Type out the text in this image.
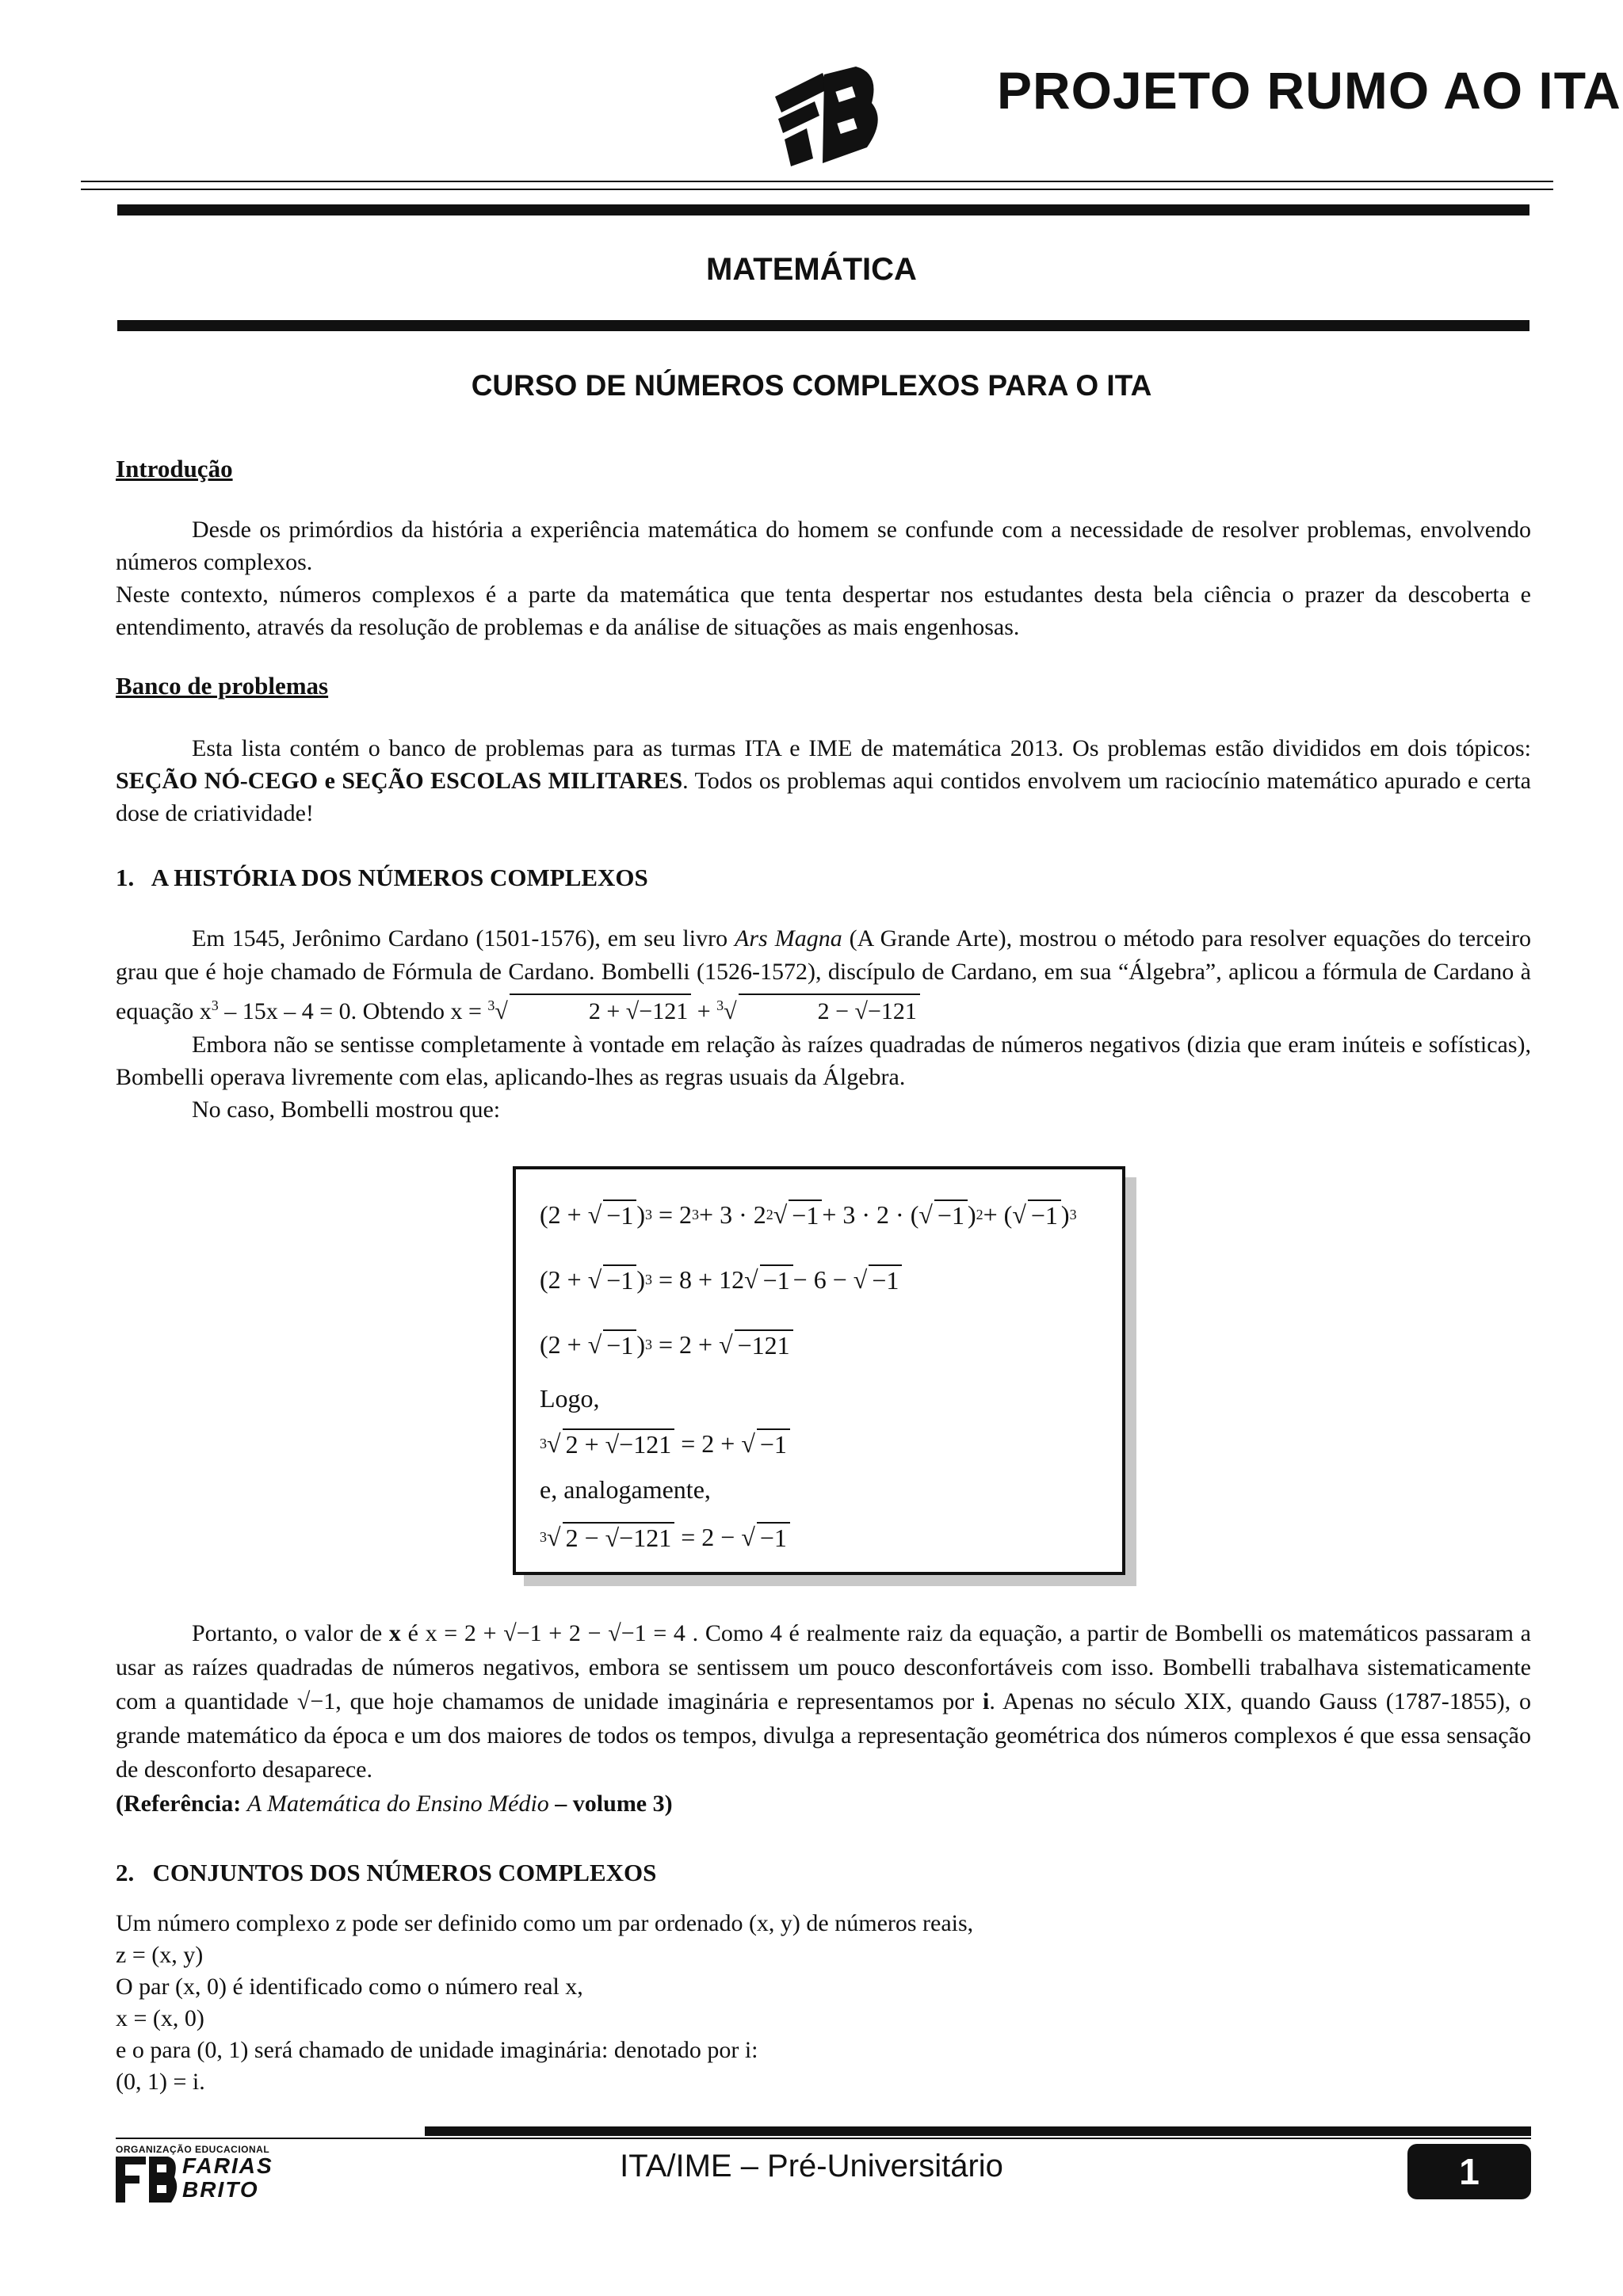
PROJETO RUMO AO ITA
MATEMÁTICA
CURSO DE NÚMEROS COMPLEXOS PARA O ITA
Introdução
Desde os primórdios da história a experiência matemática do homem se confunde com a necessidade de resolver problemas, envolvendo números complexos.
Neste contexto, números complexos é a parte da matemática que tenta despertar nos estudantes desta bela ciência o prazer da descoberta e entendimento, através da resolução de problemas e da análise de situações as mais engenhosas.
Banco de problemas
Esta lista contém o banco de problemas para as turmas ITA e IME de matemática 2013. Os problemas estão divididos em dois tópicos: SEÇÃO NÓ-CEGO e SEÇÃO ESCOLAS MILITARES. Todos os problemas aqui contidos envolvem um raciocínio matemático apurado e certa dose de criatividade!
1.   A HISTÓRIA DOS NÚMEROS COMPLEXOS
Em 1545, Jerônimo Cardano (1501-1576), em seu livro Ars Magna (A Grande Arte), mostrou o método para resolver equações do terceiro grau que é hoje chamado de Fórmula de Cardano. Bombelli (1526-1572), discípulo de Cardano, em sua “Álgebra”, aplicou a fórmula de Cardano à equação $x^3 - 15x - 4 = 0$. Obtendo x = $^3$√	2 + √−121 + $^3$√	2 − √−121
Embora não se sentisse completamente à vontade em relação às raízes quadradas de números negativos (dizia que eram inúteis e sofísticas), Bombelli operava livremente com elas, aplicando-lhes as regras usuais da Álgebra.
No caso, Bombelli mostrou que:
(2 + √ −1 ) 3 = 2 3 + 3 · 2 2 √ −1 + 3 · 2 · (√ −1 ) 2 + (√ −1 ) 3
(2 + √ −1 ) 3 = 8 + 12√ −1 − 6 − √ −1
(2 + √ −1 ) 3 = 2 + √ −121
Logo,
3 √ 2 + √−121 = 2 + √ −1
e, analogamente,
3 √ 2 − √−121 = 2 − √ −1
Portanto, o valor de x é x = 2 + √−1 + 2 − √−1 = 4 . Como 4 é realmente raiz da equação, a partir de Bombelli os matemáticos passaram a usar as raízes quadradas de números negativos, embora se sentissem um pouco desconfortáveis com isso. Bombelli trabalhava sistematicamente com a quantidade √−1, que hoje chamamos de unidade imaginária e representamos por i. Apenas no século XIX, quando Gauss (1787-1855), o grande matemático da época e um dos maiores de todos os tempos, divulga a representação geométrica dos números complexos é que essa sensação de desconforto desaparece.
(Referência: A Matemática do Ensino Médio – volume 3)
2.   CONJUNTOS DOS NÚMEROS COMPLEXOS
Um número complexo z pode ser definido como um par ordenado (x, y) de números reais,
z = (x, y)
O par (x, 0) é identificado como o número real x,
x = (x, 0)
e o para (0, 1) será chamado de unidade imaginária: denotado por i:
(0, 1) = i.
ORGANIZAÇÃO EDUCACIONAL
FARIAS
BRITO
ITA/IME – Pré-Universitário	1
